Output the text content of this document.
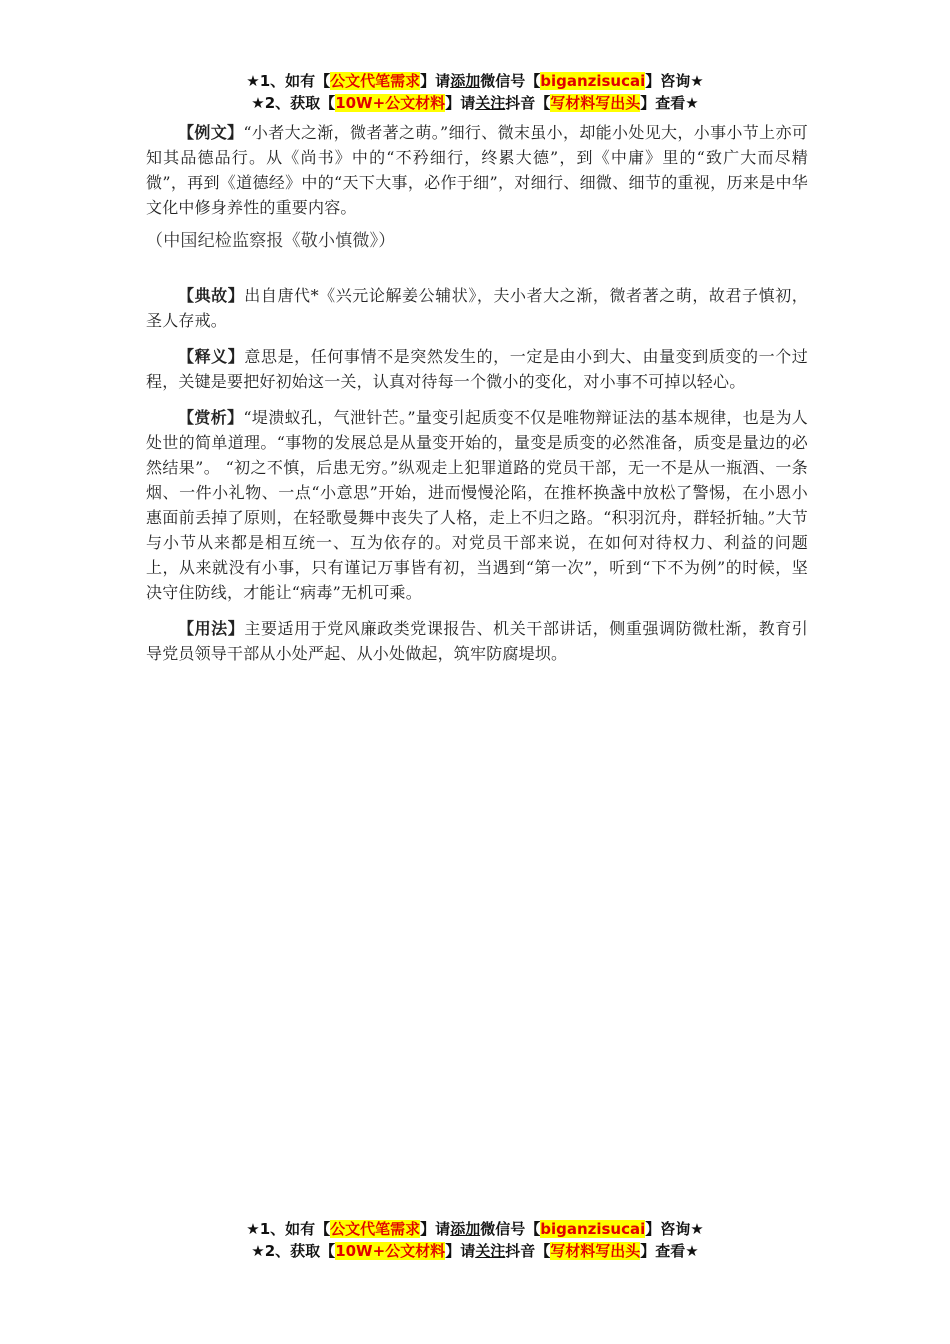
★1、如有【公文代笔需求】请添加微信号【biganzisucai】咨询★
★2、获取【10W+公文材料】请关注抖音【写材料写出头】查看★

【例文】“小者大之渐，微者著之萌。”细行、微末虽小，却能小处见大，小事小节上亦可知其品德品行。从《尚书》中的“不矜细行，终累大德”，到《中庸》里的“致广大而尽精微”，再到《道德经》中的“天下大事，必作于细”，对细行、细微、细节的重视，历来是中华文化中修身养性的重要内容。

（中国纪检监察报《敬小慎微》）

【典故】出自唐代*《兴元论解姜公辅状》，夫小者大之渐，微者著之萌，故君子慎初，圣人存戒。

【释义】意思是，任何事情不是突然发生的，一定是由小到大、由量变到质变的一个过程，关键是要把好初始这一关，认真对待每一个微小的变化，对小事不可掉以轻心。

【赏析】“堤溃蚁孔，气泄针芒。”量变引起质变不仅是唯物辩证法的基本规律，也是为人处世的简单道理。“事物的发展总是从量变开始的，量变是质变的必然准备，质变是量边的必然结果”。 “初之不慎，后患无穷。”纵观走上犯罪道路的党员干部，无一不是从一瓶酒、一条烟、一件小礼物、一点“小意思”开始，进而慢慢沦陷，在推杯换盏中放松了警惕，在小恩小惠面前丢掉了原则，在轻歌曼舞中丧失了人格，走上不归之路。“积羽沉舟，群轻折轴。”大节与小节从来都是相互统一、互为依存的。对党员干部来说，在如何对待权力、利益的问题上，从来就没有小事，只有谨记万事皆有初，当遇到“第一次”，听到“下不为例”的时候，坚决守住防线，才能让“病毒”无机可乘。

【用法】主要适用于党风廉政类党课报告、机关干部讲话，侧重强调防微杜渐，教育引导党员领导干部从小处严起、从小处做起，筑牢防腐堤坝。

★1、如有【公文代笔需求】请添加微信号【biganzisucai】咨询★
★2、获取【10W+公文材料】请关注抖音【写材料写出头】查看★
